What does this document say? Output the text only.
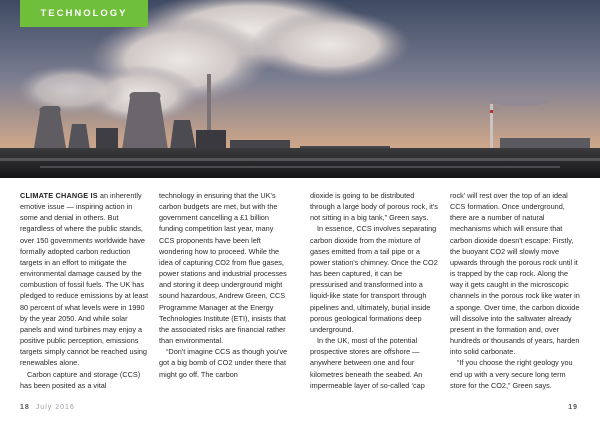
TECHNOLOGY

CLIMATE CHANGE IS an inherently emotive issue — inspiring action in some and denial in others. But regardless of where the public stands, over 150 governments worldwide have formally adopted carbon reduction targets in an effort to mitigate the environmental damage caused by the combustion of fossil fuels. The UK has pledged to reduce emissions by at least 80 percent of what levels were in 1990 by the year 2050. And while solar panels and wind turbines may enjoy a positive public perception, emissions targets simply cannot be reached using renewables alone.

Carbon capture and storage (CCS) has been posited as a vital

technology in ensuring that the UK's carbon budgets are met, but with the government cancelling a £1 billion funding competition last year, many CCS proponents have been left wondering how to proceed. While the idea of capturing CO2 from flue gases, power stations and industrial processes and storing it deep underground might sound hazardous, Andrew Green, CCS Programme Manager at the Energy Technologies Institute (ETI), insists that the associated risks are financial rather than environmental.

“Don't imagine CCS as though you've got a big bomb of CO2 under there that might go off. The carbon

dioxide is going to be distributed through a large body of porous rock, it's not sitting in a big tank,” Green says.

In essence, CCS involves separating carbon dioxide from the mixture of gases emitted from a tail pipe or a power station's chimney. Once the CO2 has been captured, it can be pressurised and transformed into a liquid-like state for transport through pipelines and, ultimately, burial inside porous geological formations deep underground.

In the UK, most of the potential prospective stores are offshore — anywhere between one and four kilometres beneath the seabed. An impermeable layer of so-called ‘cap

rock’ will rest over the top of an ideal CCS formation. Once underground, there are a number of natural mechanisms which will ensure that carbon dioxide doesn't escape: Firstly, the buoyant CO2 will slowly move upwards through the porous rock until it is trapped by the cap rock. Along the way it gets caught in the microscopic channels in the porous rock like water in a sponge. Over time, the carbon dioxide will dissolve into the saltwater already present in the formation and, over hundreds or thousands of years, harden into solid carbonate.

“If you choose the right geology you end up with a very secure long term store for the CO2,” Green says.

18 July 2016	19
